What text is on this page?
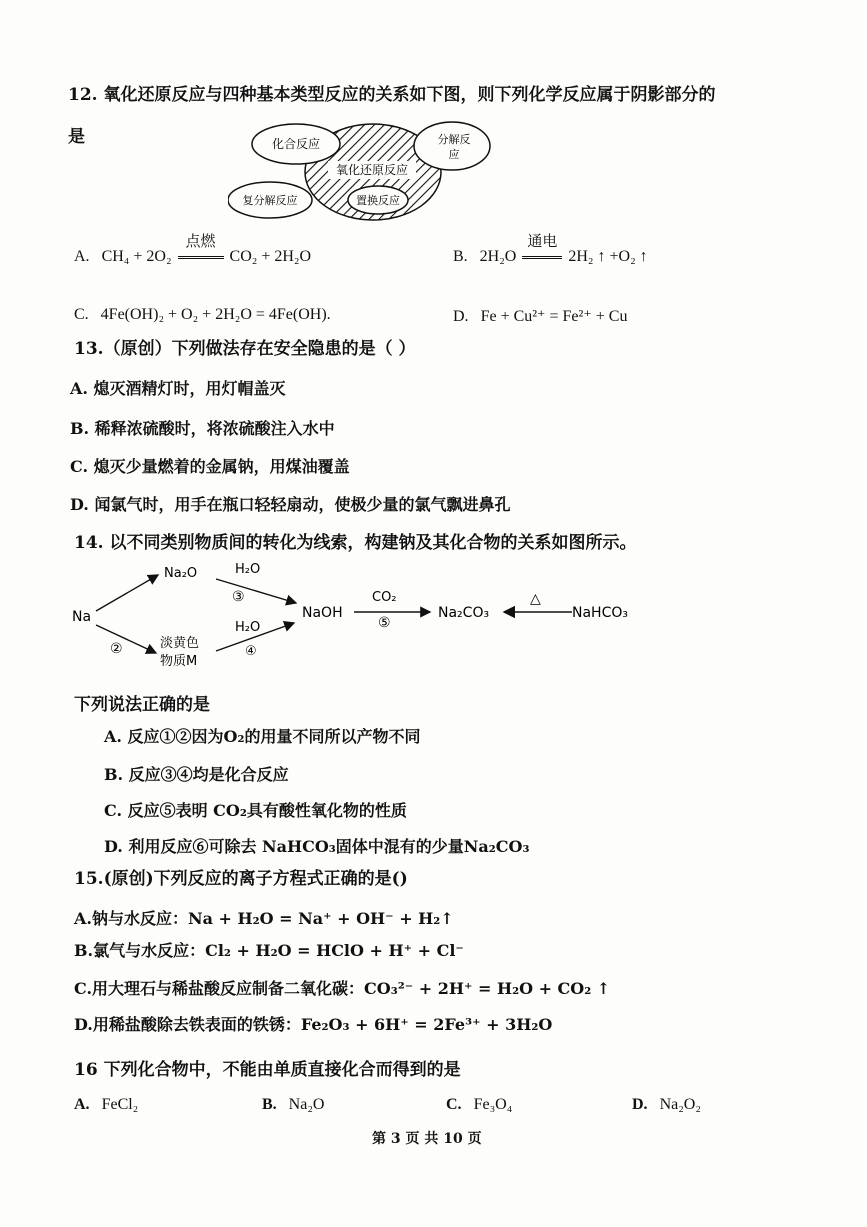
12. 氧化还原反应与四种基本类型反应的关系如下图，则下列化学反应属于阴影部分的
是
氧化还原反应
化合反应	分解反
应
复分解反应	置换反应
A. CH₄ + 2O₂
点燃
CO₂ + 2H₂O	B. 2H₂O
通电
2H₂ ↑ +O₂ ↑
C. 4Fe(OH)₂ + O₂ + 2H₂O = 4Fe(OH).	D. Fe + Cu²⁺ = Fe²⁺ + Cu
13.（原创）下列做法存在安全隐患的是（ ）
A. 熄灭酒精灯时，用灯帽盖灭
B. 稀释浓硫酸时，将浓硫酸注入水中
C. 熄灭少量燃着的金属钠，用煤油覆盖
D. 闻氯气时，用手在瓶口轻轻扇动，使极少量的氯气飘进鼻孔
14. 以不同类别物质间的转化为线索，构建钠及其化合物的关系如图所示。
Na
②
Na₂O	H₂O
③
淡黄色
物质M
H₂O
④
NaOH
CO₂
⑤
Na₂CO₃
△
NaHCO₃
下列说法正确的是
A. 反应①②因为O₂的用量不同所以产物不同
B. 反应③④均是化合反应
C. 反应⑤表明 CO₂具有酸性氧化物的性质
D. 利用反应⑥可除去 NaHCO₃固体中混有的少量Na₂CO₃
15.(原创)下列反应的离子方程式正确的是()
A.钠与水反应：Na + H₂O = Na⁺ + OH⁻ + H₂↑
B.氯气与水反应：Cl₂ + H₂O = HClO + H⁺ + Cl⁻
C.用大理石与稀盐酸反应制备二氧化碳：CO₃²⁻ + 2H⁺ = H₂O + CO₂ ↑
D.用稀盐酸除去铁表面的铁锈：Fe₂O₃ + 6H⁺ = 2Fe³⁺ + 3H₂O
16 下列化合物中，不能由单质直接化合而得到的是
A. FeCl₂	B. Na₂O	C. Fe₃O₄	D. Na₂O₂
第 3 页 共 10 页
